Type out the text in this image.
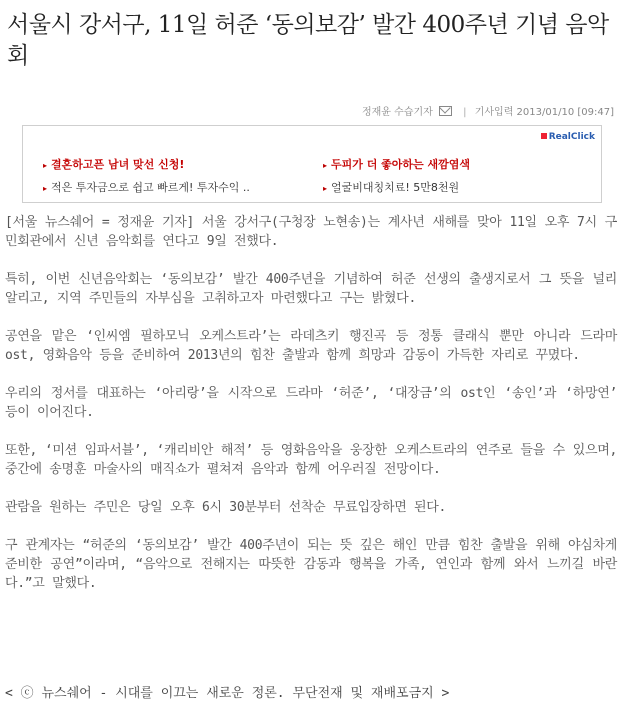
서울시 강서구, 11일 허준 ‘동의보감’ 발간 400주년 기념 음악회
정재윤 수습기자	| 기사입력 2013/01/10 [09:47]
RealClick
▸ 결혼하고픈 남녀 맞선 신청!	▸ 두피가 더 좋아하는 새깜염색
▸ 적은 투자금으로 쉽고 빠르게! 투자수익 ..	▸ 얼굴비대칭치료! 5만8천원

[서울 뉴스쉐어 = 정재윤 기자] 서울 강서구(구청장 노현송)는 계사년 새해를 맞아 11일 오후 7시 구민회관에서 신년 음악회를 연다고 9일 전했다.

특히, 이번 신년음악회는 ‘동의보감’ 발간 400주년을 기념하여 허준 선생의 출생지로서 그 뜻을 널리 알리고, 지역 주민들의 자부심을 고취하고자 마련했다고 구는 밝혔다.

공연을 맡은 ‘인씨엠 필하모닉 오케스트라’는 라데츠키 행진곡 등 정통 클래식 뿐만 아니라 드라마 ost, 영화음악 등을 준비하여 2013년의 힘찬 출발과 함께 희망과 감동이 가득한 자리로 꾸몄다.

우리의 정서를 대표하는 ‘아리랑’을 시작으로 드라마 ‘허준’, ‘대장금’의 ost인 ‘송인’과 ‘하망연’ 등이 이어진다.

또한, ‘미션 임파서블’, ‘캐리비안 해적’ 등 영화음악을 웅장한 오케스트라의 연주로 들을 수 있으며, 중간에 송명훈 마술사의 매직쇼가 펼쳐져 음악과 함께 어우러질 전망이다.

관람을 원하는 주민은 당일 오후 6시 30분부터 선착순 무료입장하면 된다.

구 관계자는 “허준의 ‘동의보감’ 발간 400주년이 되는 뜻 깊은 해인 만큼 힘찬 출발을 위해 야심차게 준비한 공연”이라며, “음악으로 전해지는 따뜻한 감동과 행복을 가족, 연인과 함께 와서 느끼길 바란다.”고 말했다.

< ⓒ 뉴스쉐어 - 시대를 이끄는 새로운 정론. 무단전재 및 재배포금지 >
